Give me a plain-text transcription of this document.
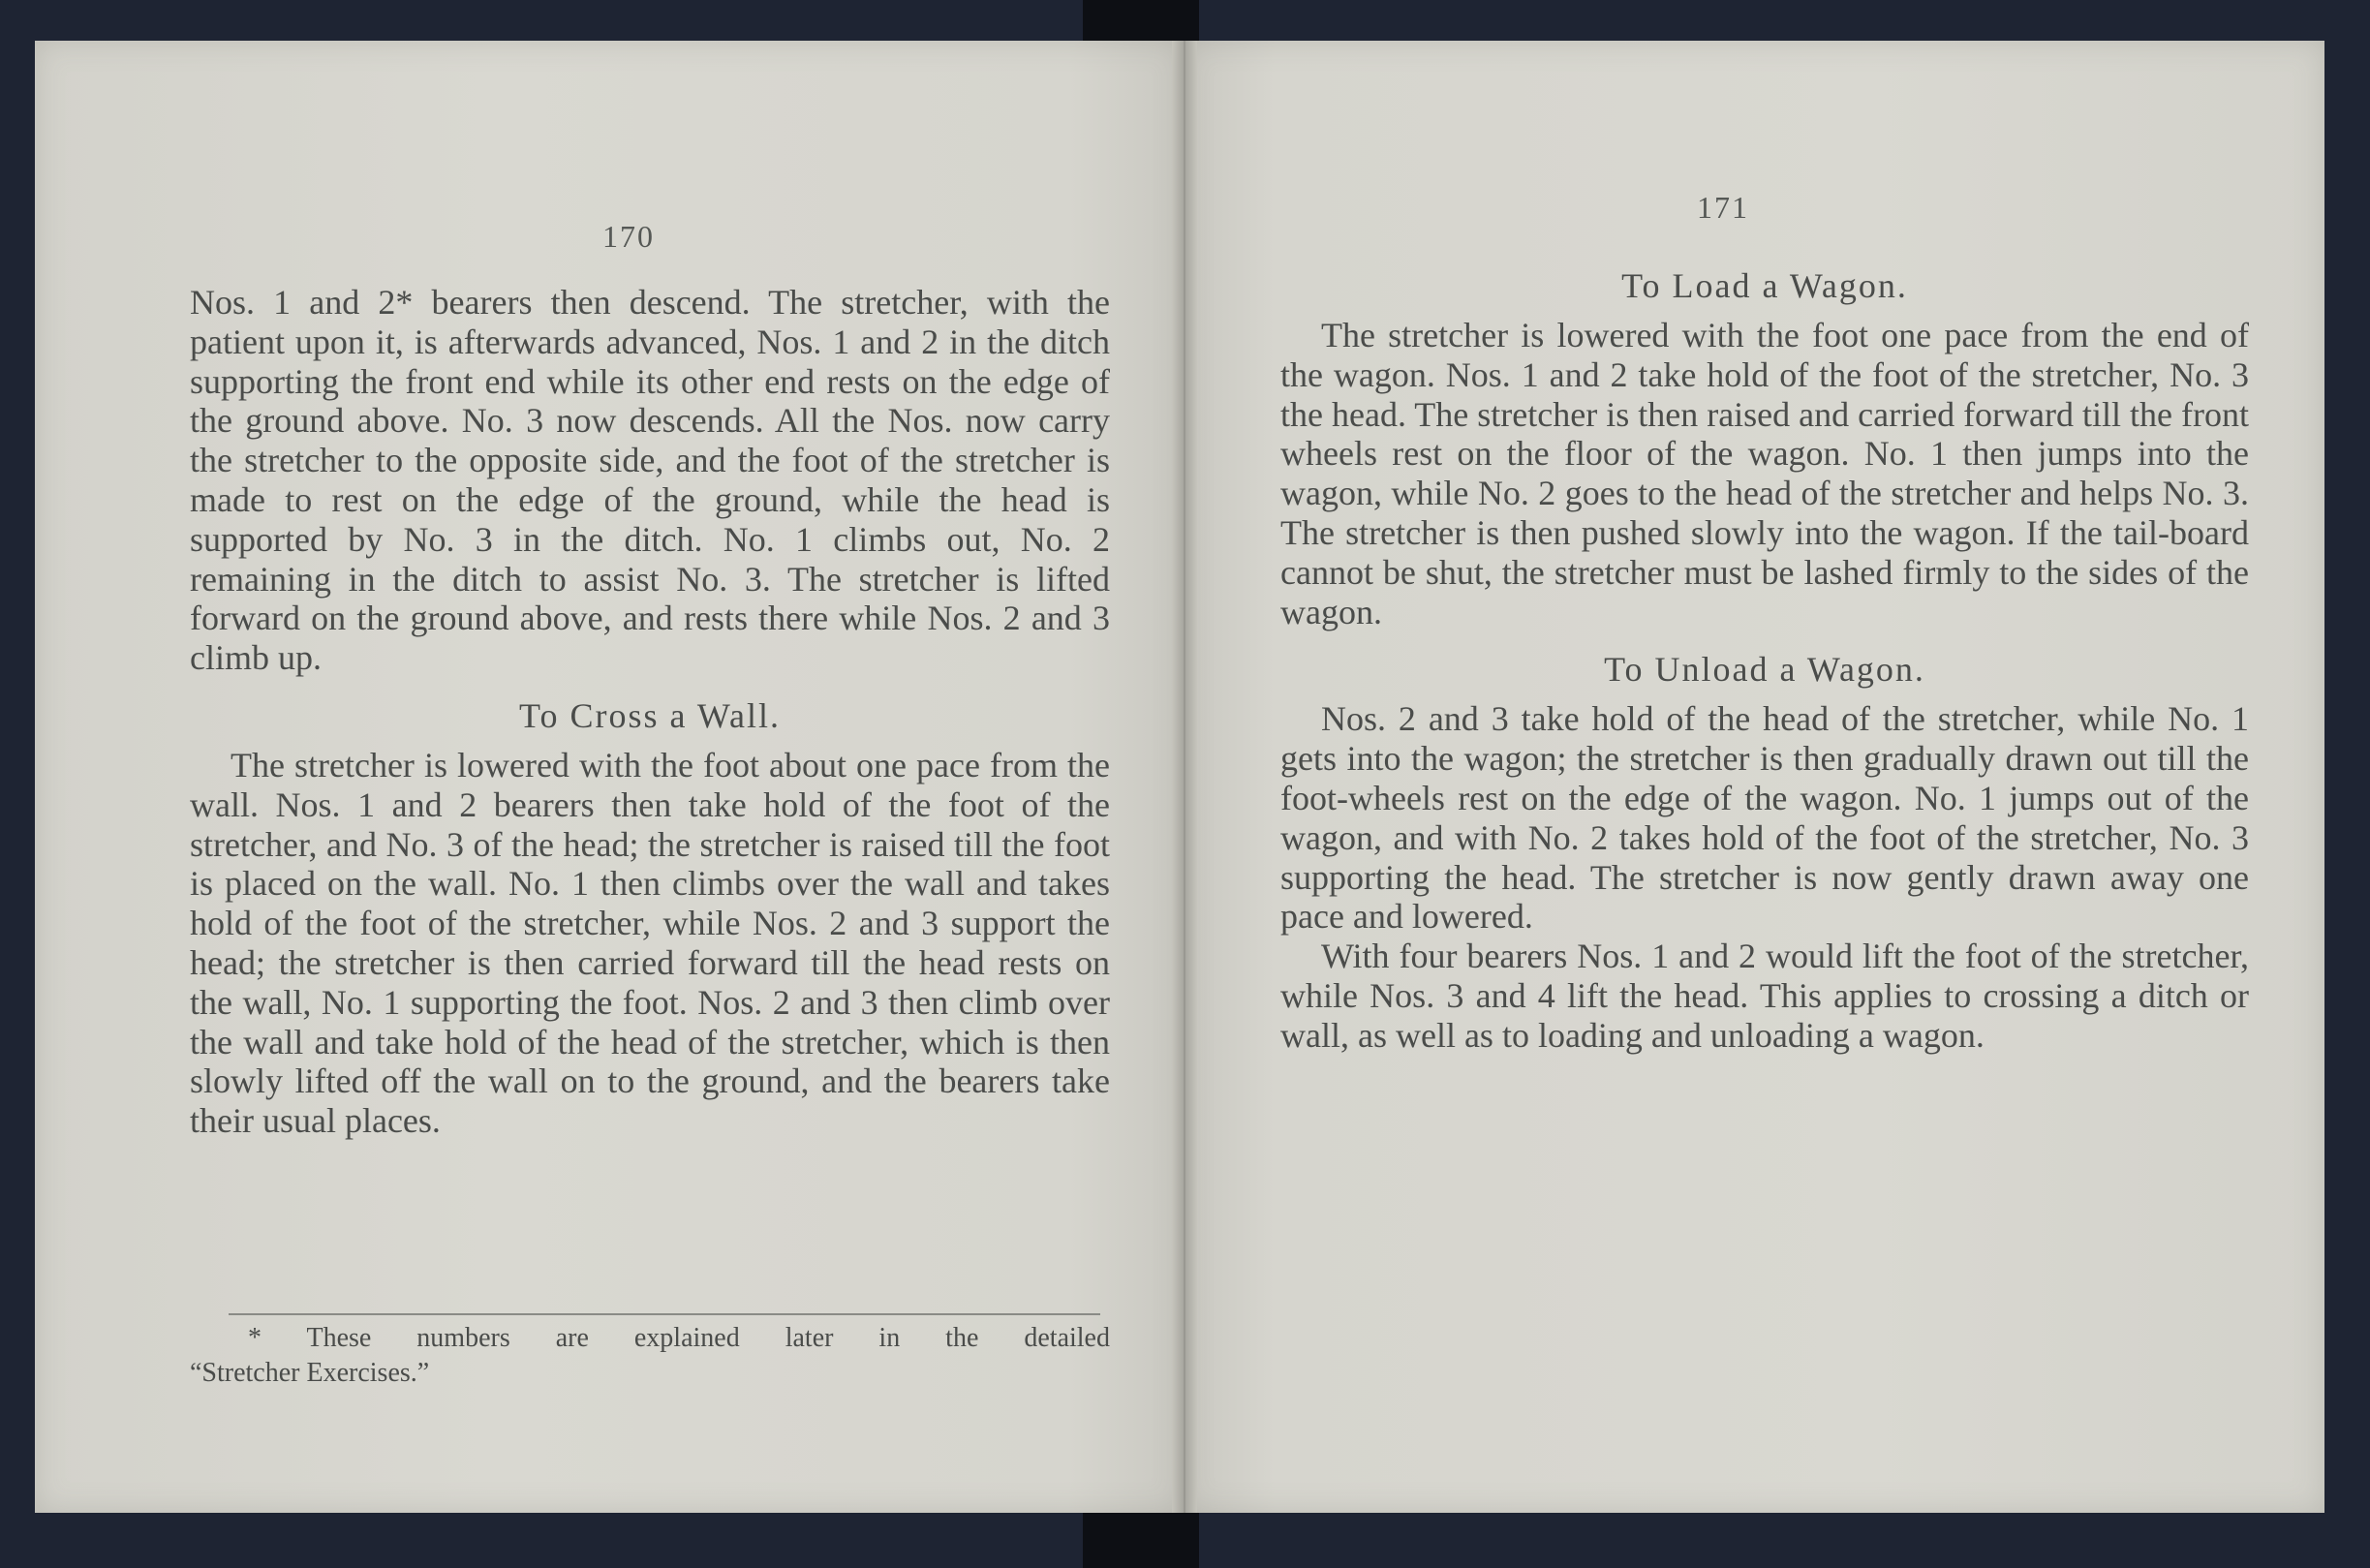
170

Nos. 1 and 2* bearers then descend. The stretcher, with the patient upon it, is afterwards advanced, Nos. 1 and 2 in the ditch supporting the front end while its other end rests on the edge of the ground above. No. 3 now descends. All the Nos. now carry the stretcher to the opposite side, and the foot of the stretcher is made to rest on the edge of the ground, while the head is supported by No. 3 in the ditch. No. 1 climbs out, No. 2 remaining in the ditch to assist No. 3. The stretcher is lifted forward on the ground above, and rests there while Nos. 2 and 3 climb up.

To Cross a Wall.

The stretcher is lowered with the foot about one pace from the wall. Nos. 1 and 2 bearers then take hold of the foot of the stretcher, and No. 3 of the head; the stretcher is raised till the foot is placed on the wall. No. 1 then climbs over the wall and takes hold of the foot of the stretcher, while Nos. 2 and 3 support the head; the stretcher is then carried forward till the head rests on the wall, No. 1 supporting the foot. Nos. 2 and 3 then climb over the wall and take hold of the head of the stretcher, which is then slowly lifted off the wall on to the ground, and the bearers take their usual places.

* These numbers are explained later in the detailed
“Stretcher Exercises.”
171
To Load a Wagon.

The stretcher is lowered with the foot one pace from the end of the wagon. Nos. 1 and 2 take hold of the foot of the stretcher, No. 3 the head. The stretcher is then raised and carried forward till the front wheels rest on the floor of the wagon. No. 1 then jumps into the wagon, while No. 2 goes to the head of the stretcher and helps No. 3. The stretcher is then pushed slowly into the wagon. If the tail-board cannot be shut, the stretcher must be lashed firmly to the sides of the wagon.

To Unload a Wagon.

Nos. 2 and 3 take hold of the head of the stretcher, while No. 1 gets into the wagon; the stretcher is then gradually drawn out till the foot-wheels rest on the edge of the wagon. No. 1 jumps out of the wagon, and with No. 2 takes hold of the foot of the stretcher, No. 3 supporting the head. The stretcher is now gently drawn away one pace and lowered.

With four bearers Nos. 1 and 2 would lift the foot of the stretcher, while Nos. 3 and 4 lift the head. This applies to crossing a ditch or wall, as well as to loading and unloading a wagon.
